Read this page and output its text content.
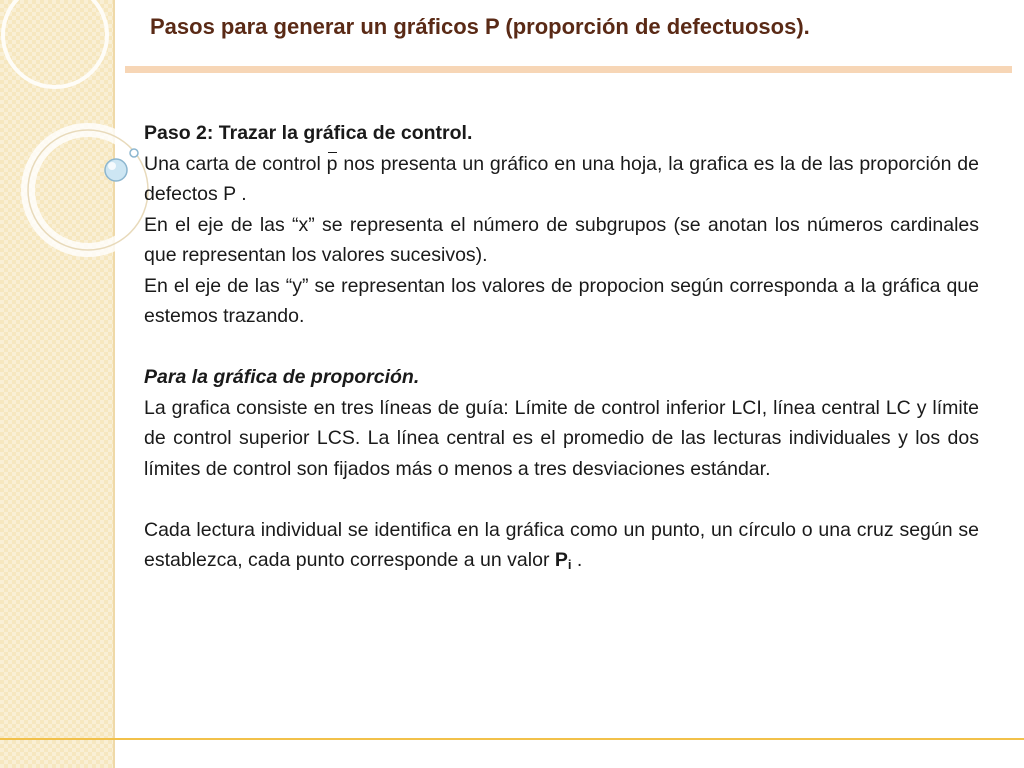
Pasos para generar un gráficos P (proporción de defectuosos).

Paso 2: Trazar la gráfica de control.

Una carta de control p nos presenta un gráfico en una hoja, la grafica es la de las proporción de defectos P .

En el eje de las “x” se representa el número de subgrupos (se anotan los números cardinales que representan los valores sucesivos).

En el eje de las “y” se representan los valores de propocion según corresponda a la gráfica que estemos trazando.

Para la gráfica de proporción.

La grafica consiste en tres líneas de guía: Límite de control inferior LCI, línea central LC y límite de control superior LCS. La línea central es el promedio de las lecturas individuales y los dos límites de control son fijados más o menos a tres desviaciones estándar.

Cada lectura individual se identifica en la gráfica como un punto, un círculo o una cruz según se establezca, cada punto corresponde a un valor Pi .
